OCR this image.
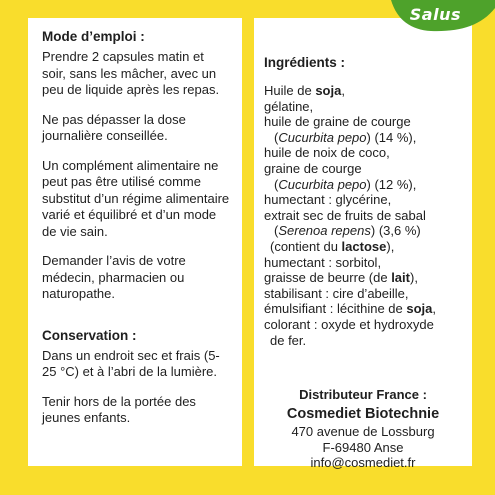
Mode d’emploi :
Prendre 2 capsules matin et soir, sans les mâcher, avec un peu de liquide après les repas.
Ne pas dépasser la dose journalière conseillée.
Un complément alimentaire ne peut pas être utilisé comme substitut d’un régime alimentaire varié et équilibré et d’un mode de vie sain.
Demander l’avis de votre médecin, pharmacien ou naturopathe.
Conservation :
Dans un endroit sec et frais (5-25 °C) et à l’abri de la lumière.
Tenir hors de la portée des jeunes enfants.
Ingrédients :
Huile de soja,
gélatine,
huile de graine de courge
(Cucurbita pepo) (14 %),
huile de noix de coco,
graine de courge
(Cucurbita pepo) (12 %),
humectant : glycérine,
extrait sec de fruits de sabal
(Serenoa repens) (3,6 %)
(contient du lactose),
humectant : sorbitol,
graisse de beurre (de lait),
stabilisant : cire d’abeille,
émulsifiant : lécithine de soja,
colorant : oxyde et hydroxyde
de fer.
Distributeur France :
Cosmediet Biotechnie
470 avenue de Lossburg
F-69480 Anse
info@cosmediet.fr
Salus
